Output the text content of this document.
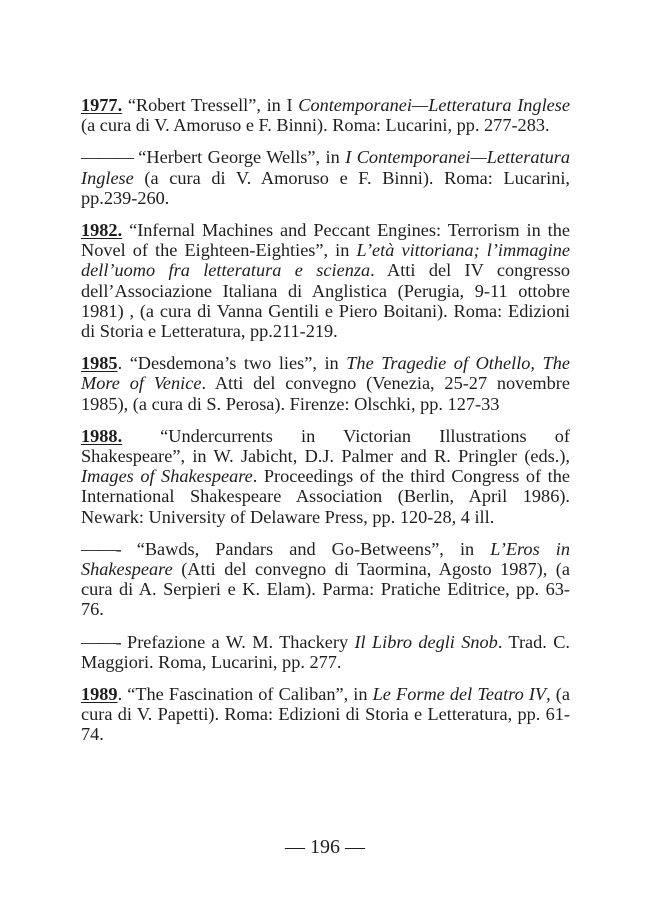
1977. “Robert Tressell”, in I Contemporanei—Letteratura Inglese (a cura di V. Amoruso e F. Binni). Roma: Lucarini, pp. 277-283.

——— “Herbert George Wells”, in I Contemporanei—Letteratura Inglese (a cura di V. Amoruso e F. Binni). Roma: Lucarini, pp.239-260.

1982. “Infernal Machines and Peccant Engines: Terrorism in the Novel of the Eighteen-Eighties”, in L’età vittoriana; l’immagine dell’uomo fra letteratura e scienza. Atti del IV congresso dell’Associazione Italiana di Anglistica (Perugia, 9-11 ottobre 1981) , (a cura di Vanna Gentili e Piero Boitani). Roma: Edizioni di Storia e Letteratura, pp.211-219.

1985. “Desdemona’s two lies”, in The Tragedie of Othello, The More of Venice. Atti del convegno (Venezia, 25-27 novembre 1985), (a cura di S. Perosa). Firenze: Olschki, pp. 127-33

1988. “Undercurrents in Victorian Illustrations of Shakespeare”, in W. Jabicht, D.J. Palmer and R. Pringler (eds.), Images of Shakespeare. Proceedings of the third Congress of the International Shakespeare Association (Berlin, April 1986). Newark: University of Delaware Press, pp. 120-28, 4 ill.

——- “Bawds, Pandars and Go-Betweens”, in L’Eros in Shakespeare (Atti del convegno di Taormina, Agosto 1987), (a cura di A. Serpieri e K. Elam). Parma: Pratiche Editrice, pp. 63-76.

——- Prefazione a W. M. Thackery Il Libro degli Snob. Trad. C. Maggiori. Roma, Lucarini, pp. 277.

1989. “The Fascination of Caliban”, in Le Forme del Teatro IV, (a cura di V. Papetti). Roma: Edizioni di Storia e Letteratura, pp. 61-74.

— 196 —
